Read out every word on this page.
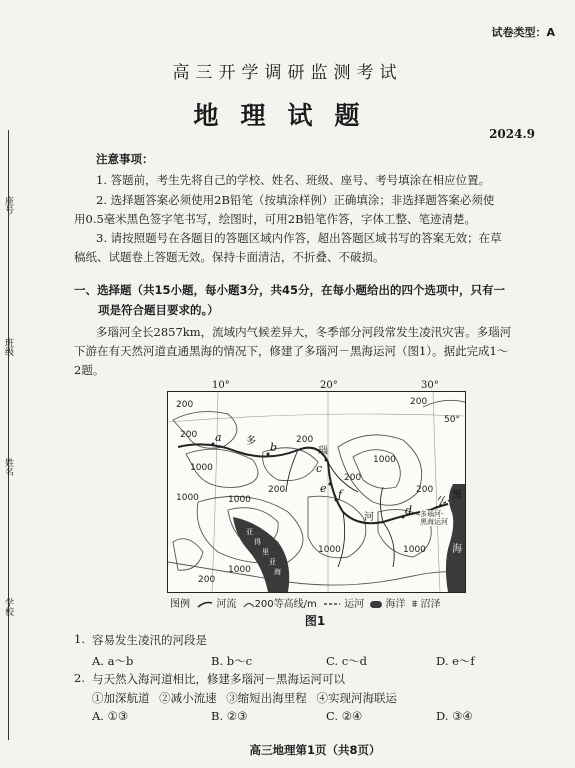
座号
班级
姓名
学校
试卷类型：A
高三开学调研监测考试
地理试题
2024.9
注意事项：
1. 答题前，考生先将自己的学校、姓名、班级、座号、考号填涂在相应位置。
2. 选择题答案必须使用2B铅笔（按填涂样例）正确填涂；非选择题答案必须使
用0.5毫米黑色签字笔书写，绘图时，可用2B铅笔作答，字体工整、笔迹清楚。
3. 请按照题号在各题目的答题区域内作答，超出答题区域书写的答案无效；在草
稿纸、试题卷上答题无效。保持卡面清洁，不折叠、不破损。
一、选择题（共15小题，每小题3分，共45分，在每小题给出的四个选项中，只有一
项是符合题目要求的。）
多瑙河全长2857km，流域内气候差异大，冬季部分河段常发生凌汛灾害。多瑙河
下游在有天然河道直通黑海的情况下，修建了多瑙河－黑海运河（图1）。据此完成1～
2题。
10°	20°	30°
200
200	200
1000
200
1000	1000
200
200
1000
1000	1000
1000
200
200
a
b
c
d
e f
多
瑙
河
黑
海
亚
得
里
亚
海
50°
多瑙河-
黑海运河
图例	河流 200等高线/m	运河 海洋 ⩨ 沼泽
图1
1. 容易发生凌汛的河段是
A. a～b	B. b～c	C. c～d	D. e～f
2. 与天然入海河道相比，修建多瑙河－黑海运河可以
①加深航道 ②减小流速 ③缩短出海里程 ④实现河海联运
A. ①③	B. ②③	C. ②④	D. ③④
高三地理第1页（共8页）
